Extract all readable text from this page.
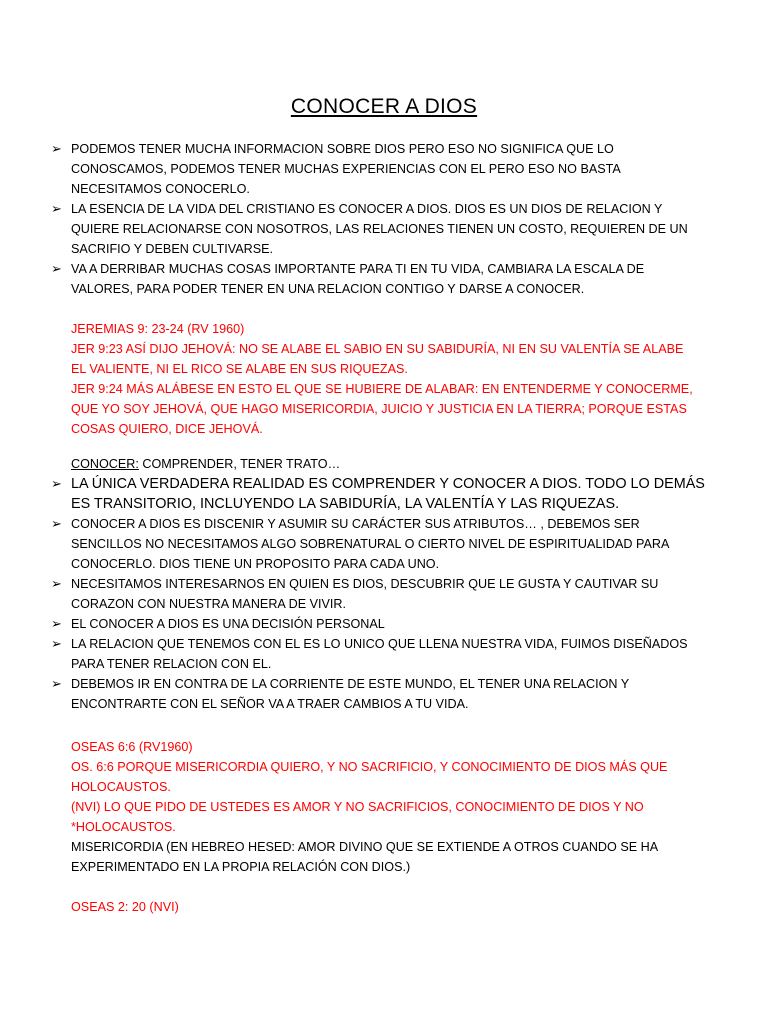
CONOCER A DIOS
➢ PODEMOS TENER MUCHA INFORMACION SOBRE DIOS PERO ESO NO SIGNIFICA QUE LO
CONOSCAMOS, PODEMOS TENER MUCHAS EXPERIENCIAS CON EL PERO ESO NO BASTA
NECESITAMOS CONOCERLO.
➢ LA ESENCIA DE LA VIDA DEL CRISTIANO ES CONOCER A DIOS. DIOS ES UN DIOS DE RELACION Y
QUIERE RELACIONARSE CON NOSOTROS, LAS RELACIONES TIENEN UN COSTO, REQUIEREN DE UN
SACRIFIO Y DEBEN CULTIVARSE.
➢ VA A DERRIBAR MUCHAS COSAS IMPORTANTE PARA TI EN TU VIDA, CAMBIARA LA ESCALA DE
VALORES, PARA PODER TENER EN UNA RELACION CONTIGO Y DARSE A CONOCER.
JEREMIAS 9: 23-24 (RV 1960)
JER 9:23 ASÍ DIJO JEHOVÁ: NO SE ALABE EL SABIO EN SU SABIDURÍA, NI EN SU VALENTÍA SE ALABE
EL VALIENTE, NI EL RICO SE ALABE EN SUS RIQUEZAS.
JER 9:24 MÁS ALÁBESE EN ESTO EL QUE SE HUBIERE DE ALABAR: EN ENTENDERME Y CONOCERME,
QUE YO SOY JEHOVÁ, QUE HAGO MISERICORDIA, JUICIO Y JUSTICIA EN LA TIERRA; PORQUE ESTAS
COSAS QUIERO, DICE JEHOVÁ.
CONOCER: COMPRENDER, TENER TRATO…
➢ LA ÚNICA VERDADERA REALIDAD ES COMPRENDER Y CONOCER A DIOS. TODO LO DEMÁS
ES TRANSITORIO, INCLUYENDO LA SABIDURÍA, LA VALENTÍA Y LAS RIQUEZAS.
➢ CONOCER A DIOS ES DISCENIR Y ASUMIR SU CARÁCTER SUS ATRIBUTOS… , DEBEMOS SER
SENCILLOS NO NECESITAMOS ALGO SOBRENATURAL O CIERTO NIVEL DE ESPIRITUALIDAD PARA
CONOCERLO. DIOS TIENE UN PROPOSITO PARA CADA UNO.
➢ NECESITAMOS INTERESARNOS EN QUIEN ES DIOS, DESCUBRIR QUE LE GUSTA Y CAUTIVAR SU
CORAZON CON NUESTRA MANERA DE VIVIR.
➢ EL CONOCER A DIOS ES UNA DECISIÓN PERSONAL
➢ LA RELACION QUE TENEMOS CON EL ES LO UNICO QUE LLENA NUESTRA VIDA, FUIMOS DISEÑADOS
PARA TENER RELACION CON EL.
➢ DEBEMOS IR EN CONTRA DE LA CORRIENTE DE ESTE MUNDO, EL TENER UNA RELACION Y
ENCONTRARTE CON EL SEÑOR VA A TRAER CAMBIOS A TU VIDA.
OSEAS 6:6 (RV1960)
OS. 6:6 PORQUE MISERICORDIA QUIERO, Y NO SACRIFICIO, Y CONOCIMIENTO DE DIOS MÁS QUE
HOLOCAUSTOS.
(NVI) LO QUE PIDO DE USTEDES ES AMOR Y NO SACRIFICIOS, CONOCIMIENTO DE DIOS Y NO
*HOLOCAUSTOS.
MISERICORDIA (EN HEBREO HESED: AMOR DIVINO QUE SE EXTIENDE A OTROS CUANDO SE HA
EXPERIMENTADO EN LA PROPIA RELACIÓN CON DIOS.)
OSEAS 2: 20 (NVI)
